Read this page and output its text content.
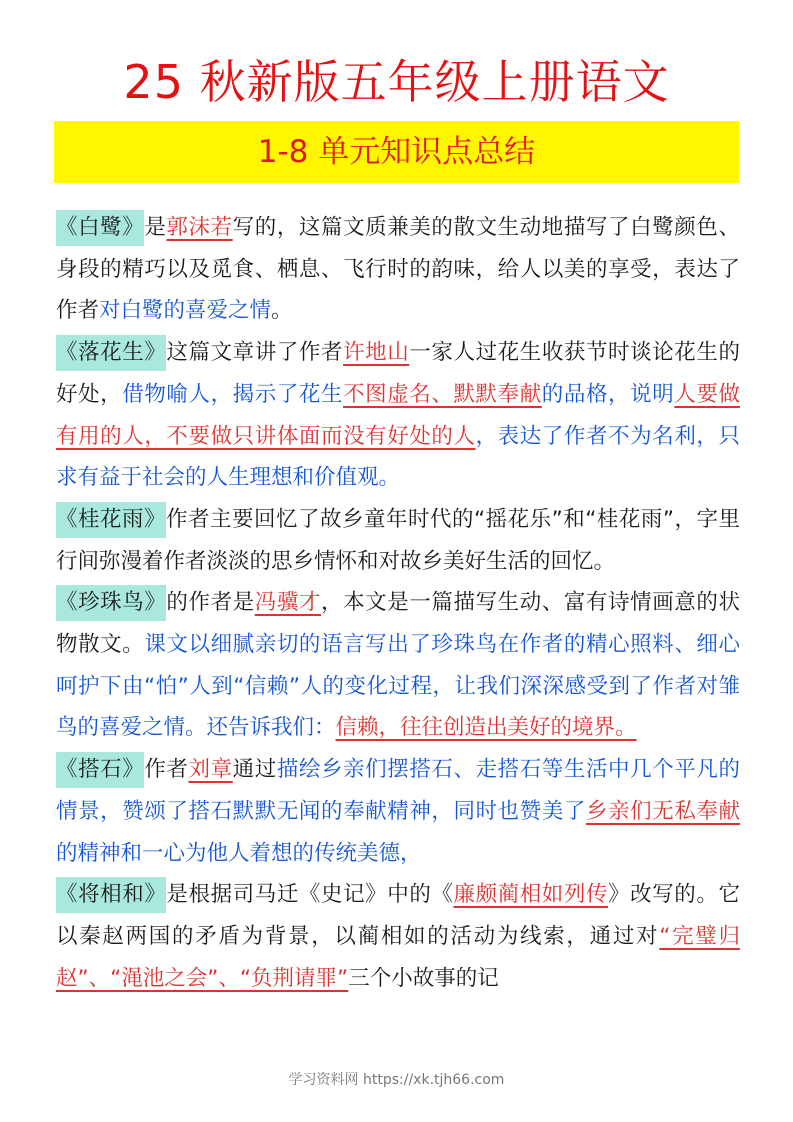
25 秋新版五年级上册语文
1-8 单元知识点总结
《白鹭》是郭沫若写的，这篇文质兼美的散文生动地描写了白鹭颜色、身段的精巧以及觅食、栖息、飞行时的韵味，给人以美的享受，表达了作者对白鹭的喜爱之情。
《落花生》这篇文章讲了作者许地山一家人过花生收获节时谈论花生的好处，借物喻人，揭示了花生不图虚名、默默奉献的品格，说明人要做有用的人，不要做只讲体面而没有好处的人，表达了作者不为名利，只求有益于社会的人生理想和价值观。
《桂花雨》作者主要回忆了故乡童年时代的“摇花乐”和“桂花雨”，字里行间弥漫着作者淡淡的思乡情怀和对故乡美好生活的回忆。
《珍珠鸟》的作者是冯骥才，本文是一篇描写生动、富有诗情画意的状物散文。课文以细腻亲切的语言写出了珍珠鸟在作者的精心照料、细心呵护下由“怕”人到“信赖”人的变化过程，让我们深深感受到了作者对雏鸟的喜爱之情。还告诉我们：信赖，往往创造出美好的境界。
《搭石》作者刘章通过描绘乡亲们摆搭石、走搭石等生活中几个平凡的情景，赞颂了搭石默默无闻的奉献精神，同时也赞美了乡亲们无私奉献的精神和一心为他人着想的传统美德，
《将相和》是根据司马迁《史记》中的《廉颇蔺相如列传》改写的。它以秦赵两国的矛盾为背景，以蔺相如的活动为线索，通过对“完璧归赵”、“渑池之会”、“负荆请罪”三个小故事的记
学习资料网 https://xk.tjh66.com
